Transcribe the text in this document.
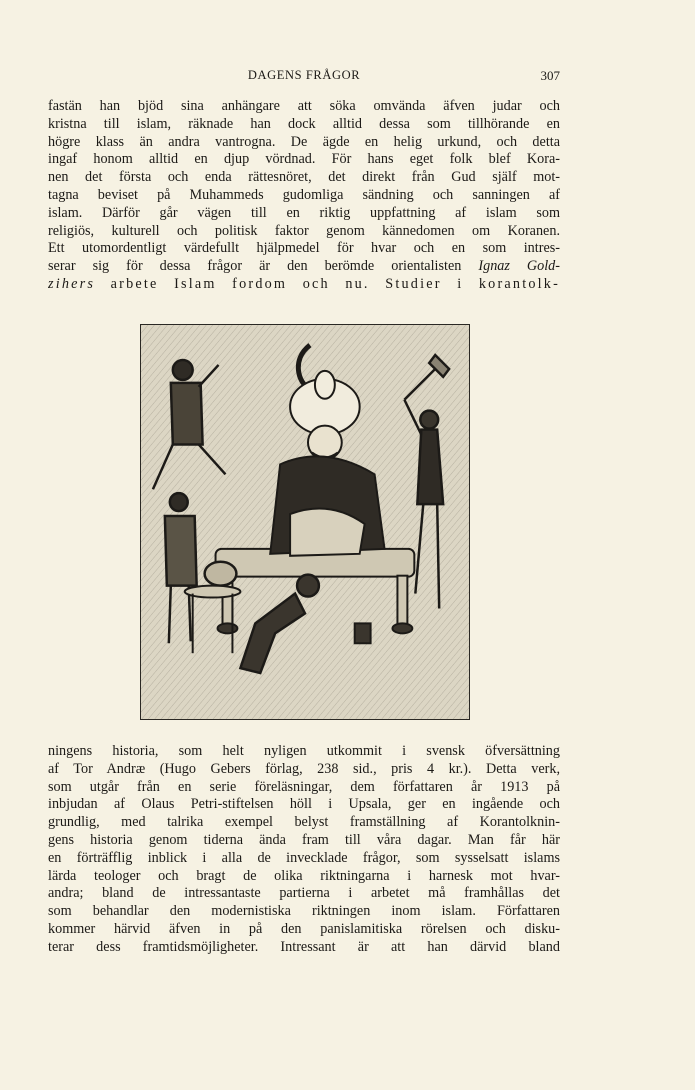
DAGENS FRÅGOR	307
fastän han bjöd sina anhängare att söka omvända äfven judar och
kristna till islam, räknade han dock alltid dessa som tillhörande en
högre klass än andra vantrogna. De ägde en helig urkund, och detta
ingaf honom alltid en djup vördnad. För hans eget folk blef Kora-
nen det första och enda rättesnöret, det direkt från Gud själf mot-
tagna beviset på Muhammeds gudomliga sändning och sanningen af
islam. Därför går vägen till en riktig uppfattning af islam som
religiös, kulturell och politisk faktor genom kännedomen om Koranen.
Ett utomordentligt värdefullt hjälpmedel för hvar och en som intres-
serar sig för dessa frågor är den berömde orientalisten Ignaz Gold-
zihers arbete Islam fordom och nu. Studier i korantolk-
ningens historia, som helt nyligen utkommit i svensk öfversättning
af Tor Andræ (Hugo Gebers förlag, 238 sid., pris 4 kr.). Detta verk,
som utgår från en serie föreläsningar, dem författaren år 1913 på
inbjudan af Olaus Petri-stiftelsen höll i Upsala, ger en ingående och
grundlig, med talrika exempel belyst framställning af Korantolknin-
gens historia genom tiderna ända fram till våra dagar. Man får här
en förträfflig inblick i alla de invecklade frågor, som sysselsatt islams
lärda teologer och bragt de olika riktningarna i harnesk mot hvar-
andra; bland de intressantaste partierna i arbetet må framhållas det
som behandlar den modernistiska riktningen inom islam. Författaren
kommer härvid äfven in på den panislamitiska rörelsen och disku-
terar dess framtidsmöjligheter. Intressant är att han därvid bland
